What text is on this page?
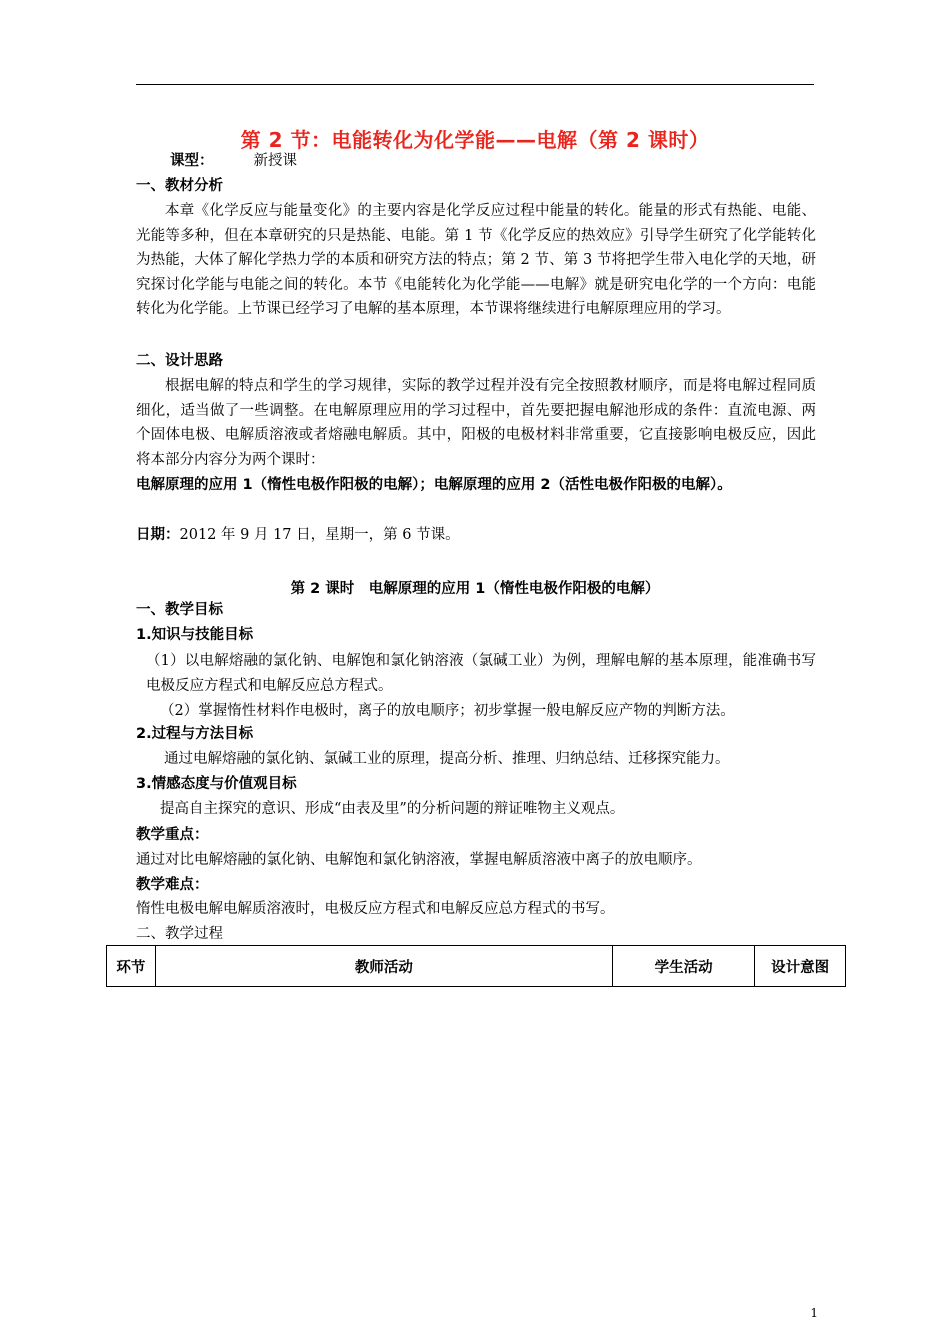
第 2 节：电能转化为化学能——电解（第 2 课时）
课型：	新授课
一、教材分析
本章《化学反应与能量变化》的主要内容是化学反应过程中能量的转化。能量的形式有热能、电能、光能等多种，但在本章研究的只是热能、电能。第 1 节《化学反应的热效应》引导学生研究了化学能转化为热能，大体了解化学热力学的本质和研究方法的特点；第 2 节、第 3 节将把学生带入电化学的天地，研究探讨化学能与电能之间的转化。本节《电能转化为化学能——电解》就是研究电化学的一个方向：电能转化为化学能。上节课已经学习了电解的基本原理，本节课将继续进行电解原理应用的学习。
二、设计思路
根据电解的特点和学生的学习规律，实际的教学过程并没有完全按照教材顺序，而是将电解过程同质细化，适当做了一些调整。在电解原理应用的学习过程中，首先要把握电解池形成的条件：直流电源、两个固体电极、电解质溶液或者熔融电解质。其中，阳极的电极材料非常重要，它直接影响电极反应，因此将本部分内容分为两个课时：
电解原理的应用 1（惰性电极作阳极的电解）；电解原理的应用 2（活性电极作阳极的电解）。
日期：2012 年 9 月 17 日，星期一，第 6 节课。
第 2 课时　电解原理的应用 1（惰性电极作阳极的电解）
一、教学目标
1.知识与技能目标
（1）以电解熔融的氯化钠、电解饱和氯化钠溶液（氯碱工业）为例，理解电解的基本原理，能准确书写电极反应方程式和电解反应总方程式。
（2）掌握惰性材料作电极时，离子的放电顺序；初步掌握一般电解反应产物的判断方法。
2.过程与方法目标
通过电解熔融的氯化钠、氯碱工业的原理，提高分析、推理、归纳总结、迁移探究能力。
3.情感态度与价值观目标
提高自主探究的意识、形成“由表及里”的分析问题的辩证唯物主义观点。
教学重点：
通过对比电解熔融的氯化钠、电解饱和氯化钠溶液，掌握电解质溶液中离子的放电顺序。
教学难点：
惰性电极电解电解质溶液时，电极反应方程式和电解反应总方程式的书写。
二、教学过程
环节	教师活动	学生活动	设计意图
1
